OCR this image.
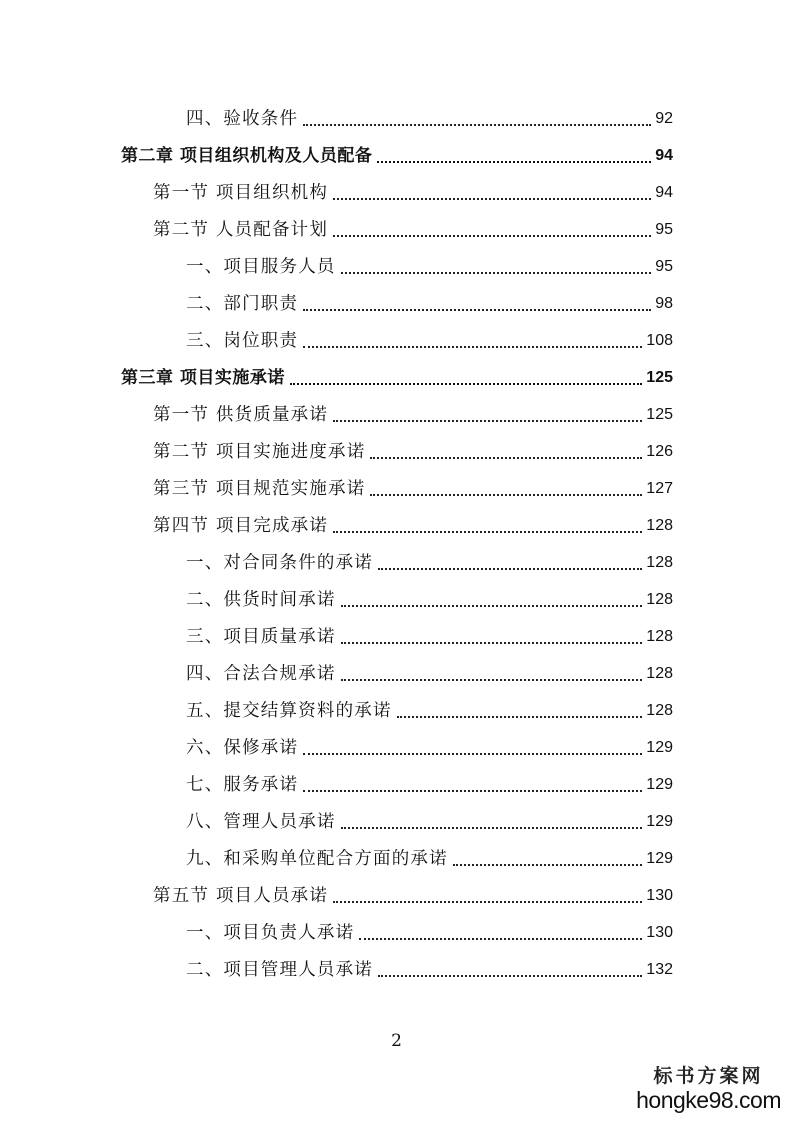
四、验收条件	92
第二章 项目组织机构及人员配备	94
第一节 项目组织机构	94
第二节 人员配备计划	95
一、项目服务人员	95
二、部门职责	98
三、岗位职责	108
第三章 项目实施承诺	125
第一节 供货质量承诺	125
第二节 项目实施进度承诺	126
第三节 项目规范实施承诺	127
第四节 项目完成承诺	128
一、对合同条件的承诺	128
二、供货时间承诺	128
三、项目质量承诺	128
四、合法合规承诺	128
五、提交结算资料的承诺	128
六、保修承诺	129
七、服务承诺	129
八、管理人员承诺	129
九、和采购单位配合方面的承诺	129
第五节 项目人员承诺	130
一、项目负责人承诺	130
二、项目管理人员承诺	132
2
标书方案网
hongke98.com
